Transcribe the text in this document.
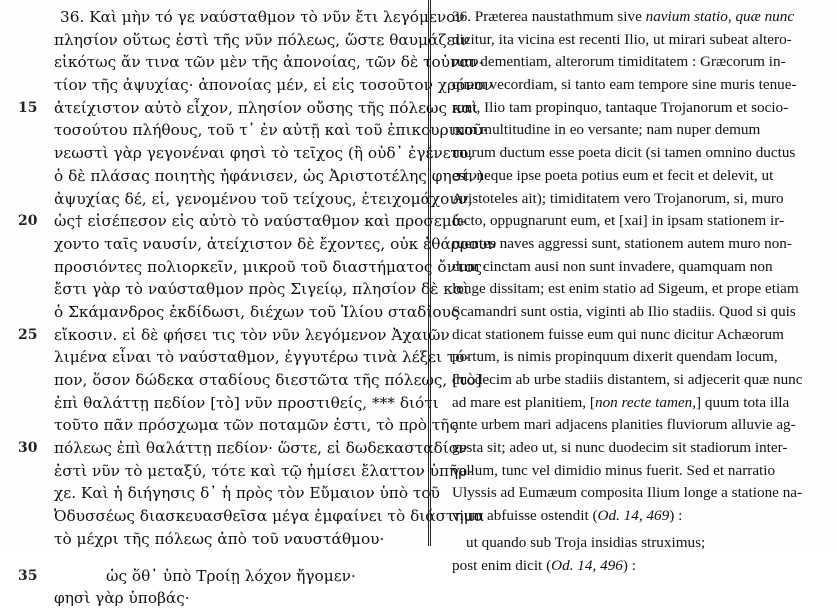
36. Καὶ μὴν τό γε ναύσταθμον τὸ νῦν ἔτι λεγόμενον
πλησίον οὕτως ἐστὶ τῆς νῦν πόλεως, ὥστε θαυμάζειν
εἰκότως ἄν τινα τῶν μὲν τῆς ἀπονοίας, τῶν δὲ τοὐναν-
τίον τῆς ἀψυχίας· ἀπονοίας μέν, εἰ εἰς τοσοῦτον χρόνον
15 ἀτείχιστον αὐτὸ εἶχον, πλησίον οὔσης τῆς πόλεως καὶ
τοσούτου πλήθους, τοῦ τ᾽ ἐν αὐτῇ καὶ τοῦ ἐπικουρικοῦ·
νεωστὶ γὰρ γεγονέναι φησὶ τὸ τεῖχος (ἢ οὐδ᾽ ἐγένετο,
ὁ δὲ πλάσας ποιητὴς ἠφάνισεν, ὡς Ἀριστοτέλης φησίν)·
ἀψυχίας δέ, εἰ, γενομένου τοῦ τείχους, ἐτειχομάχουν,
20 ὡς† εἰσέπεσον εἰς αὐτὸ τὸ ναύσταθμον καὶ προσεμά-
χοντο ταῖς ναυσίν, ἀτείχιστον δὲ ἔχοντες, οὐκ ἐθάρρουν
προσιόντες πολιορκεῖν, μικροῦ τοῦ διαστήματος ὄντος·
ἔστι γὰρ τὸ ναύσταθμον πρὸς Σιγείῳ, πλησίον δὲ καὶ
ὁ Σκάμανδρος ἐκδίδωσι, διέχων τοῦ Ἰλίου σταδίους
25 εἴκοσιν. εἰ δὲ φήσει τις τὸν νῦν λεγόμενον Ἀχαιῶν
λιμένα εἶναι τὸ ναύσταθμον, ἐγγυτέρω τινὰ λέξει τό-
πον, ὅσον δώδεκα σταδίους διεστῶτα τῆς πόλεως, [τὸ]
ἐπὶ θαλάττῃ πεδίον [τὸ] νῦν προστιθείς, *** διότι
τοῦτο πᾶν πρόσχωμα τῶν ποταμῶν ἐστι, τὸ πρὸ τῆς
30 πόλεως ἐπὶ θαλάττῃ πεδίον· ὥστε, εἰ δωδεκασταδίον
ἐστὶ νῦν τὸ μεταξύ, τότε καὶ τῷ ἡμίσει ἔλαττον ὑπῆρ-
χε. Καὶ ἡ διήγησις δ᾽ ἡ πρὸς τὸν Εὔμαιον ὑπὸ τοῦ
Ὀδυσσέως διασκευασθεῖσα μέγα ἐμφαίνει τὸ διάστημα
τὸ μέχρι τῆς πόλεως ἀπὸ τοῦ ναυστάθμου·
35	ὡς ὅθ᾽ ὑπὸ Τροίῃ λόχον ἤγομεν·
φησὶ γὰρ ὑποβάς·
36. Præterea naustathmum sive navium statio, quæ nunc
dicitur, ita vicina est recenti Ilio, ut mirari subeat altero-
rum dementiam, alterorum timiditatem : Græcorum in-
quam vecordiam, si tanto eam tempore sine muris tenue-
runt, Ilio tam propinquo, tantaque Trojanorum et socio-
rum multitudine in eo versante; nam nuper demum
murum ductum esse poeta dicit (si tamen omnino ductus
est, neque ipse poeta potius eum et fecit et delevit, ut
Aristoteles ait); timiditatem vero Trojanorum, si, muro
facto, oppugnarunt eum, et [xai] in ipsam stationem ir-
ruentes naves aggressi sunt, stationem autem muro non-
dum cinctam ausi non sunt invadere, quamquam non
longe dissitam; est enim statio ad Sigeum, et prope etiam
Scamandri sunt ostia, viginti ab Ilio stadiis. Quod si quis
dicat stationem fuisse eum qui nunc dicitur Achæorum
portum, is nimis propinquum dixerit quendam locum,
duodecim ab urbe stadiis distantem, si adjecerit quæ nunc
ad mare est planitiem, [non recte tamen,] quum tota illa
ante urbem mari adjacens planities fluviorum alluvie ag-
gesta sit; adeo ut, si nunc duodecim sit stadiorum inter-
vallum, tunc vel dimidio minus fuerit. Sed et narratio
Ulyssis ad Eumæum composita Ilium longe a statione na-
vium abfuisse ostendit (Od. 14, 469) :
ut quando sub Troja insidias struximus;
post enim dicit (Od. 14, 496) :
